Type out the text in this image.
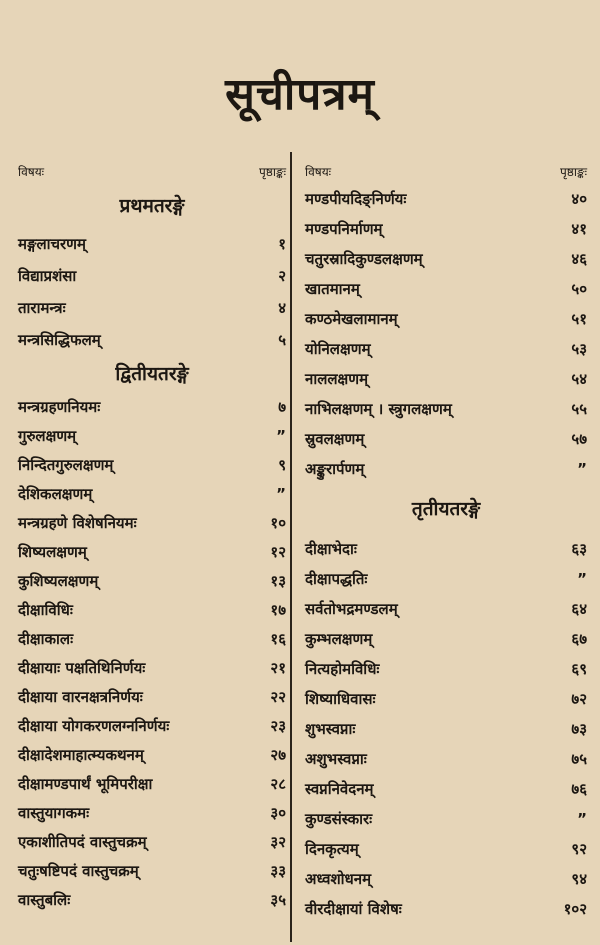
सूचीपत्रम्
विषयः	पृष्ठाङ्कः
प्रथमतरङ्गे
मङ्गलाचरणम्	१
विद्याप्रशंसा	२
तारामन्त्रः	४
मन्त्रसिद्धिफलम्	५
द्वितीयतरङ्गे
मन्त्रग्रहणनियमः	७
गुरुलक्षणम्	”
निन्दितगुरुलक्षणम्	९
देशिकलक्षणम्	”
मन्त्रग्रहणे विशेषनियमः	१०
शिष्यलक्षणम्	१२
कुशिष्यलक्षणम्	१३
दीक्षाविधिः	१७
दीक्षाकालः	१६
दीक्षायाः पक्षतिथिनिर्णयः	२१
दीक्षाया वारनक्षत्रनिर्णयः	२२
दीक्षाया योगकरणलग्ननिर्णयः	२३
दीक्षादेशमाहात्म्यकथनम्	२७
दीक्षामण्डपार्थं भूमिपरीक्षा	२८
वास्तुयागकमः	३०
एकाशीतिपदं वास्तुचक्रम्	३२
चतुःषष्टिपदं वास्तुचक्रम्	३३
वास्तुबलिः	३५
विषयः	पृष्ठाङ्कः
मण्डपीयदिङ्निर्णयः	४०
मण्डपनिर्माणम्	४१
चतुरस्रादिकुण्डलक्षणम्	४६
खातमानम्	५०
कण्ठमेखलामानम्	५१
योनिलक्षणम्	५३
नाललक्षणम्	५४
नाभिलक्षणम् । स्त्रुगलक्षणम्	५५
स्रुवलक्षणम्	५७
अङ्कुरार्पणम्	”
तृतीयतरङ्गे
दीक्षाभेदाः	६३
दीक्षापद्धतिः	”
सर्वतोभद्रमण्डलम्	६४
कुम्भलक्षणम्	६७
नित्यहोमविधिः	६९
शिष्याधिवासः	७२
शुभस्वप्नाः	७३
अशुभस्वप्नाः	७५
स्वप्ननिवेदनम्	७६
कुण्डसंस्कारः	”
दिनकृत्यम्	९२
अध्वशोधनम्	९४
वीरदीक्षायां विशेषः	१०२
